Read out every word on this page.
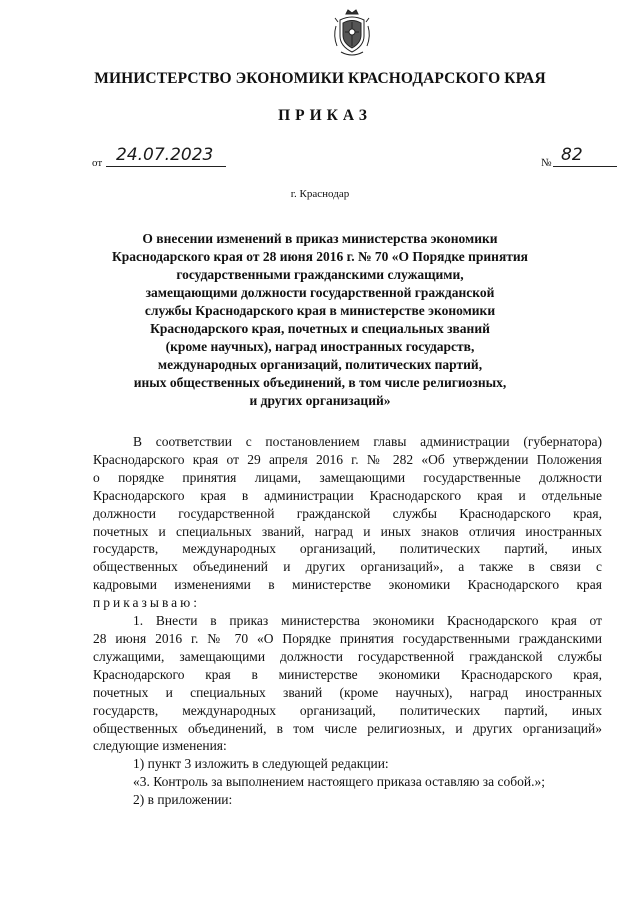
МИНИСТЕРСТВО ЭКОНОМИКИ КРАСНОДАРСКОГО КРАЯ
ПРИКАЗ
от 24.07.2023	№ 82
г. Краснодар
О внесении изменений в приказ министерства экономики
Краснодарского края от 28 июня 2016 г. № 70 «О Порядке принятия
государственными гражданскими служащими,
замещающими должности государственной гражданской
службы Краснодарского края в министерстве экономики
Краснодарского края, почетных и специальных званий
(кроме научных), наград иностранных государств,
международных организаций, политических партий,
иных общественных объединений, в том числе религиозных,
и других организаций»
В соответствии с постановлением главы администрации (губернатора)
Краснодарского края от 29 апреля 2016 г. № 282 «Об утверждении Положения
о порядке принятия лицами, замещающими государственные должности
Краснодарского края в администрации Краснодарского края и отдельные
должности государственной гражданской службы Краснодарского края,
почетных и специальных званий, наград и иных знаков отличия иностранных
государств, международных организаций, политических партий, иных
общественных объединений и других организаций», а также в связи с
кадровыми изменениями в министерстве экономики Краснодарского края
приказываю:
1. Внести в приказ министерства экономики Краснодарского края от
28 июня 2016 г. № 70 «О Порядке принятия государственными гражданскими
служащими, замещающими должности государственной гражданской службы
Краснодарского края в министерстве экономики Краснодарского края,
почетных и специальных званий (кроме научных), наград иностранных
государств, международных организаций, политических партий, иных
общественных объединений, в том числе религиозных, и других организаций»
следующие изменения:
1) пункт 3 изложить в следующей редакции:
«3. Контроль за выполнением настоящего приказа оставляю за собой.»;
2) в приложении:
